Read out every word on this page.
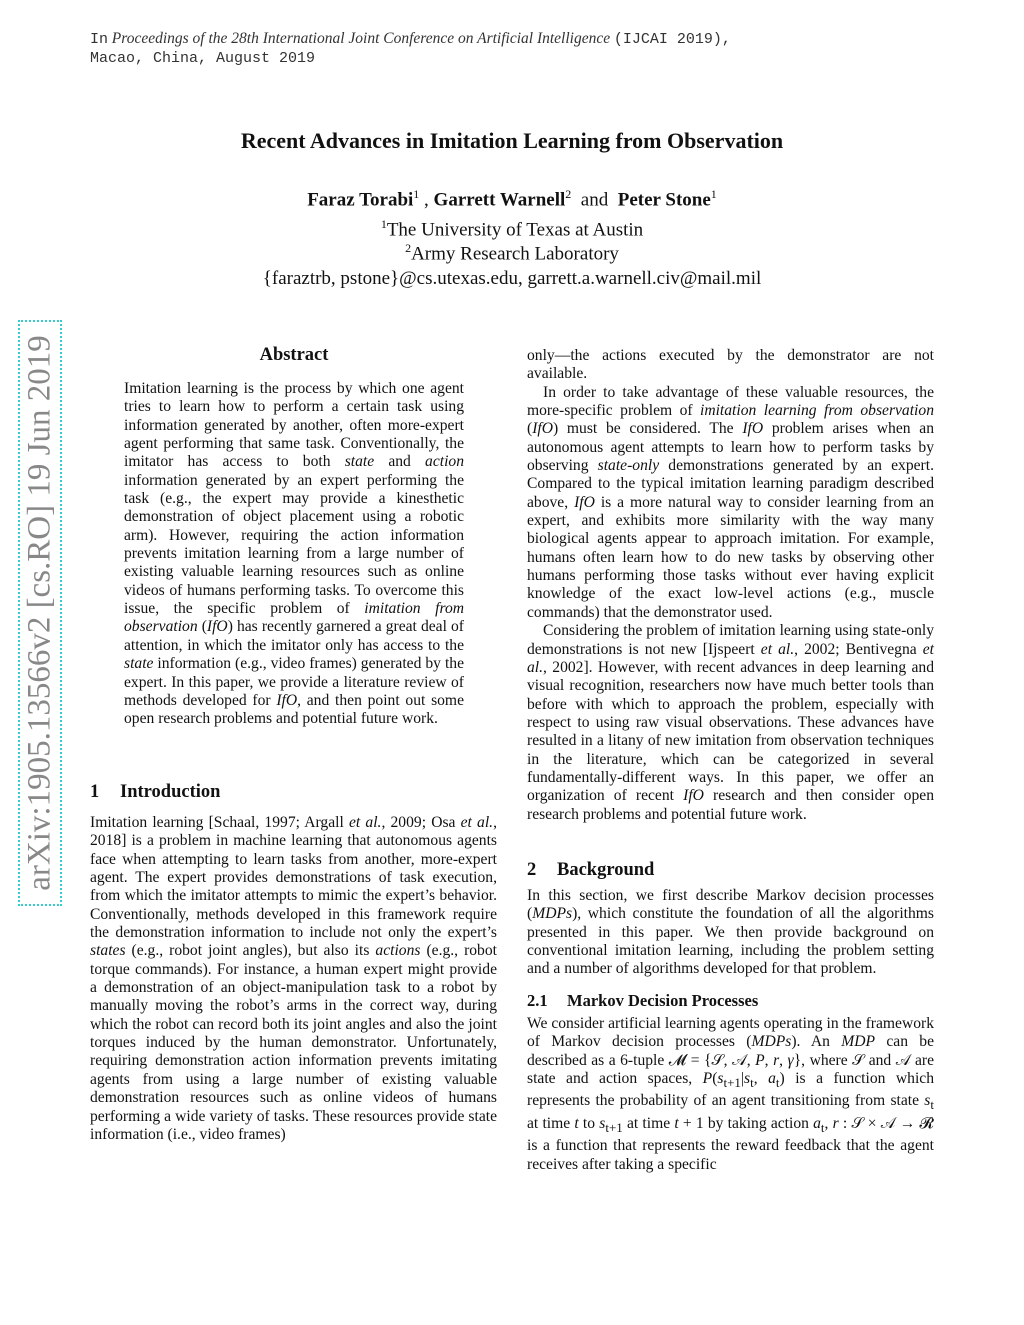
In Proceedings of the 28th International Joint Conference on Artificial Intelligence (IJCAI 2019),
Macao, China, August 2019
arXiv:1905.13566v2 [cs.RO] 19 Jun 2019
Recent Advances in Imitation Learning from Observation
Faraz Torabi$^1$ , Garrett Warnell$^2$ and Peter Stone$^1$
$^1$The University of Texas at Austin
$^2$Army Research Laboratory
{faraztrb, pstone}@cs.utexas.edu, garrett.a.warnell.civ@mail.mil
Abstract
Imitation learning is the process by which one agent tries to learn how to perform a certain task using information generated by another, often more-expert agent performing that same task. Conventionally, the imitator has access to both state and action information generated by an expert performing the task (e.g., the expert may provide a kinesthetic demonstration of object placement using a robotic arm). However, requiring the action information prevents imitation learning from a large number of existing valuable learning resources such as online videos of humans performing tasks. To overcome this issue, the specific problem of imitation from observation (IfO) has recently garnered a great deal of attention, in which the imitator only has access to the state information (e.g., video frames) generated by the expert. In this paper, we provide a literature review of methods developed for IfO, and then point out some open research problems and potential future work.
1 Introduction
Imitation learning [Schaal, 1997; Argall et al., 2009; Osa et al., 2018] is a problem in machine learning that autonomous agents face when attempting to learn tasks from another, more-expert agent. The expert provides demonstrations of task execution, from which the imitator attempts to mimic the expert’s behavior. Conventionally, methods developed in this framework require the demonstration information to include not only the expert’s states (e.g., robot joint angles), but also its actions (e.g., robot torque commands). For instance, a human expert might provide a demonstration of an object-manipulation task to a robot by manually moving the robot’s arms in the correct way, during which the robot can record both its joint angles and also the joint torques induced by the human demonstrator. Unfortunately, requiring demonstration action information prevents imitating agents from using a large number of existing valuable demonstration resources such as online videos of humans performing a wide variety of tasks. These resources provide state information (i.e., video frames)

only—the actions executed by the demonstrator are not available.

In order to take advantage of these valuable resources, the more-specific problem of imitation learning from observation (IfO) must be considered. The IfO problem arises when an autonomous agent attempts to learn how to perform tasks by observing state-only demonstrations generated by an expert. Compared to the typical imitation learning paradigm described above, IfO is a more natural way to consider learning from an expert, and exhibits more similarity with the way many biological agents appear to approach imitation. For example, humans often learn how to do new tasks by observing other humans performing those tasks without ever having explicit knowledge of the exact low-level actions (e.g., muscle commands) that the demonstrator used.

Considering the problem of imitation learning using state-only demonstrations is not new [Ijspeert et al., 2002; Bentivegna et al., 2002]. However, with recent advances in deep learning and visual recognition, researchers now have much better tools than before with which to approach the problem, especially with respect to using raw visual observations. These advances have resulted in a litany of new imitation from observation techniques in the literature, which can be categorized in several fundamentally-different ways. In this paper, we offer an organization of recent IfO research and then consider open research problems and potential future work.

2 Background
In this section, we first describe Markov decision processes (MDPs), which constitute the foundation of all the algorithms presented in this paper. We then provide background on conventional imitation learning, including the problem setting and a number of algorithms developed for that problem.
2.1 Markov Decision Processes
We consider artificial learning agents operating in the framework of Markov decision processes (MDPs). An MDP can be described as a 6-tuple 𝓜 = {𝒮, 𝒜, P, r, γ}, where 𝒮 and 𝒜 are state and action spaces, $P(s_{t+1}|s_t$, $a_t$) is a function which represents the probability of an agent transitioning from state $s_t$ at time t to $s_{t+1}$ at time t + 1 by taking action $a_t$, r : 𝒮 × 𝒜 → 𝓡 is a function that represents the reward feedback that the agent receives after taking a specific
